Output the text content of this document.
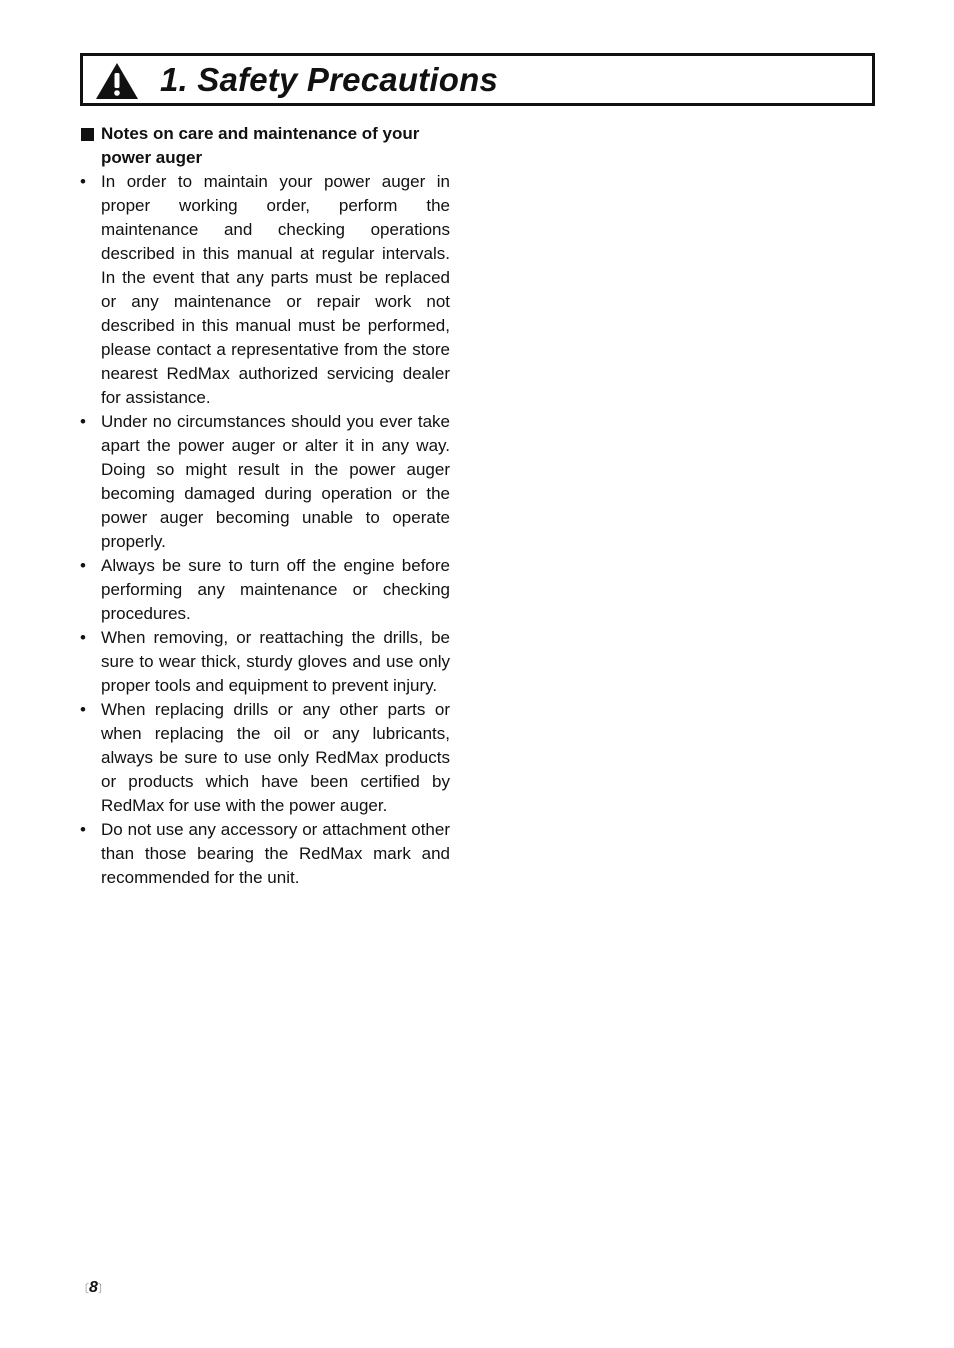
1. Safety Precautions
Notes on care and maintenance of your power auger
• In order to maintain your power auger in proper working order, perform the maintenance and checking operations described in this manual at regular intervals. In the event that any parts must be replaced or any maintenance or repair work not described in this manual must be performed, please contact a representative from the store nearest RedMax authorized servicing dealer for assistance.
• Under no circumstances should you ever take apart the power auger or alter it in any way. Doing so might result in the power auger becoming damaged during operation or the power auger becoming unable to operate properly.
• Always be sure to turn off the engine before performing any maintenance or checking procedures.
• When removing, or reattaching the drills, be sure to wear thick, sturdy gloves and use only proper tools and equipment to prevent injury.
• When replacing drills or any other parts or when replacing the oil or any lubricants, always be sure to use only RedMax products or products which have been certified by RedMax for use with the power auger.
• Do not use any accessory or attachment other than those bearing the RedMax mark and recommended for the unit.
〔8〕
